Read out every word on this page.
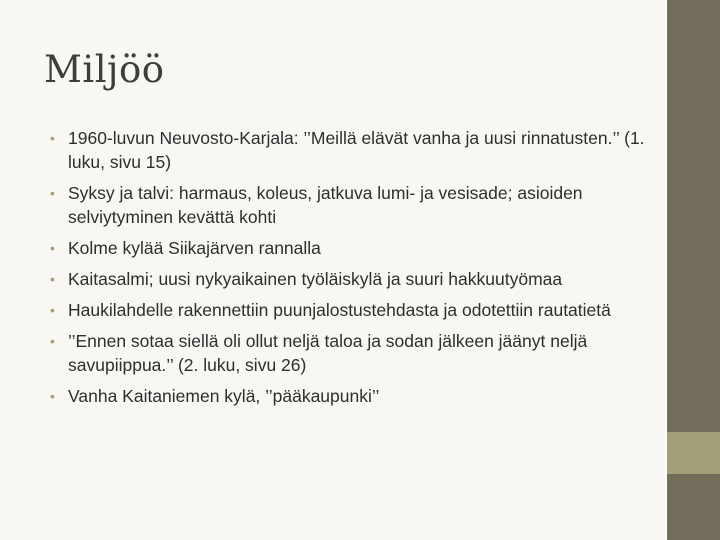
Miljöö
• 1960-luvun Neuvosto-Karjala: ’’Meillä elävät vanha ja uusi rinnatusten.’’ (1. luku, sivu 15)
• Syksy ja talvi: harmaus, koleus, jatkuva lumi- ja vesisade; asioiden selviytyminen kevättä kohti
• Kolme kylää Siikajärven rannalla
• Kaitasalmi; uusi nykyaikainen työläiskylä ja suuri hakkuutyömaa
• Haukilahdelle rakennettiin puunjalostustehdasta ja odotettiin rautatietä
• ’’Ennen sotaa siellä oli ollut neljä taloa ja sodan jälkeen jäänyt neljä savupiippua.’’ (2. luku, sivu 26)
• Vanha Kaitaniemen kylä, ’’pääkaupunki’’
